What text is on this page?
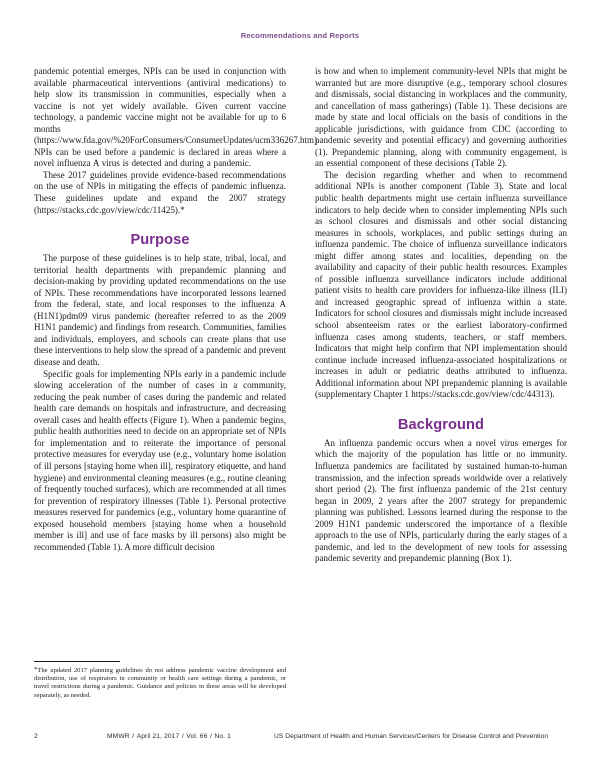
Recommendations and Reports

pandemic potential emerges, NPIs can be used in conjunction with available pharmaceutical interventions (antiviral medications) to help slow its transmission in communities, especially when a vaccine is not yet widely available. Given current vaccine technology, a pandemic vaccine might not be available for up to 6 months (https://www.fda.gov/%20ForConsumers/ConsumerUpdates/ucm336267.htm). NPIs can be used before a pandemic is declared in areas where a novel influenza A virus is detected and during a pandemic.

These 2017 guidelines provide evidence-based recommendations on the use of NPIs in mitigating the effects of pandemic influenza. These guidelines update and expand the 2007 strategy (https://stacks.cdc.gov/view/cdc/11425).*

Purpose

The purpose of these guidelines is to help state, tribal, local, and territorial health departments with prepandemic planning and decision-making by providing updated recommendations on the use of NPIs. These recommendations have incorporated lessons learned from the federal, state, and local responses to the influenza A (H1N1)pdm09 virus pandemic (hereafter referred to as the 2009 H1N1 pandemic) and findings from research. Communities, families and individuals, employers, and schools can create plans that use these interventions to help slow the spread of a pandemic and prevent disease and death.

Specific goals for implementing NPIs early in a pandemic include slowing acceleration of the number of cases in a community, reducing the peak number of cases during the pandemic and related health care demands on hospitals and infrastructure, and decreasing overall cases and health effects (Figure 1). When a pandemic begins, public health authorities need to decide on an appropriate set of NPIs for implementation and to reiterate the importance of personal protective measures for everyday use (e.g., voluntary home isolation of ill persons [staying home when ill], respiratory etiquette, and hand hygiene) and environmental cleaning measures (e.g., routine cleaning of frequently touched surfaces), which are recommended at all times for prevention of respiratory illnesses (Table 1). Personal protective measures reserved for pandemics (e.g., voluntary home quarantine of exposed household members [staying home when a household member is ill] and use of face masks by ill persons) also might be recommended (Table 1). A more difficult decision

*The updated 2017 planning guidelines do not address pandemic vaccine development and distribution, use of respirators in community or health care settings during a pandemic, or travel restrictions during a pandemic. Guidance and policies in these areas will be developed separately, as needed.

is how and when to implement community-level NPIs that might be warranted but are more disruptive (e.g., temporary school closures and dismissals, social distancing in workplaces and the community, and cancellation of mass gatherings) (Table 1). These decisions are made by state and local officials on the basis of conditions in the applicable jurisdictions, with guidance from CDC (according to pandemic severity and potential efficacy) and governing authorities (1). Prepandemic planning, along with community engagement, is an essential component of these decisions (Table 2).

The decision regarding whether and when to recommend additional NPIs is another component (Table 3). State and local public health departments might use certain influenza surveillance indicators to help decide when to consider implementing NPIs such as school closures and dismissals and other social distancing measures in schools, workplaces, and public settings during an influenza pandemic. The choice of influenza surveillance indicators might differ among states and localities, depending on the availability and capacity of their public health resources. Examples of possible influenza surveillance indicators include additional patient visits to health care providers for influenza-like illness (ILI) and increased geographic spread of influenza within a state. Indicators for school closures and dismissals might include increased school absenteeism rates or the earliest laboratory-confirmed influenza cases among students, teachers, or staff members. Indicators that might help confirm that NPI implementation should continue include increased influenza-associated hospitalizations or increases in adult or pediatric deaths attributed to influenza. Additional information about NPI prepandemic planning is available (supplementary Chapter 1 https://stacks.cdc.gov/view/cdc/44313).

Background

An influenza pandemic occurs when a novel virus emerges for which the majority of the population has little or no immunity. Influenza pandemics are facilitated by sustained human-to-human transmission, and the infection spreads worldwide over a relatively short period (2). The first influenza pandemic of the 21st century began in 2009, 2 years after the 2007 strategy for prepandemic planning was published. Lessons learned during the response to the 2009 H1N1 pandemic underscored the importance of a flexible approach to the use of NPIs, particularly during the early stages of a pandemic, and led to the development of new tools for assessing pandemic severity and prepandemic planning (Box 1).

2	MMWR / April 21, 2017 / Vol. 66 / No. 1	US Department of Health and Human Services/Centers for Disease Control and Prevention
